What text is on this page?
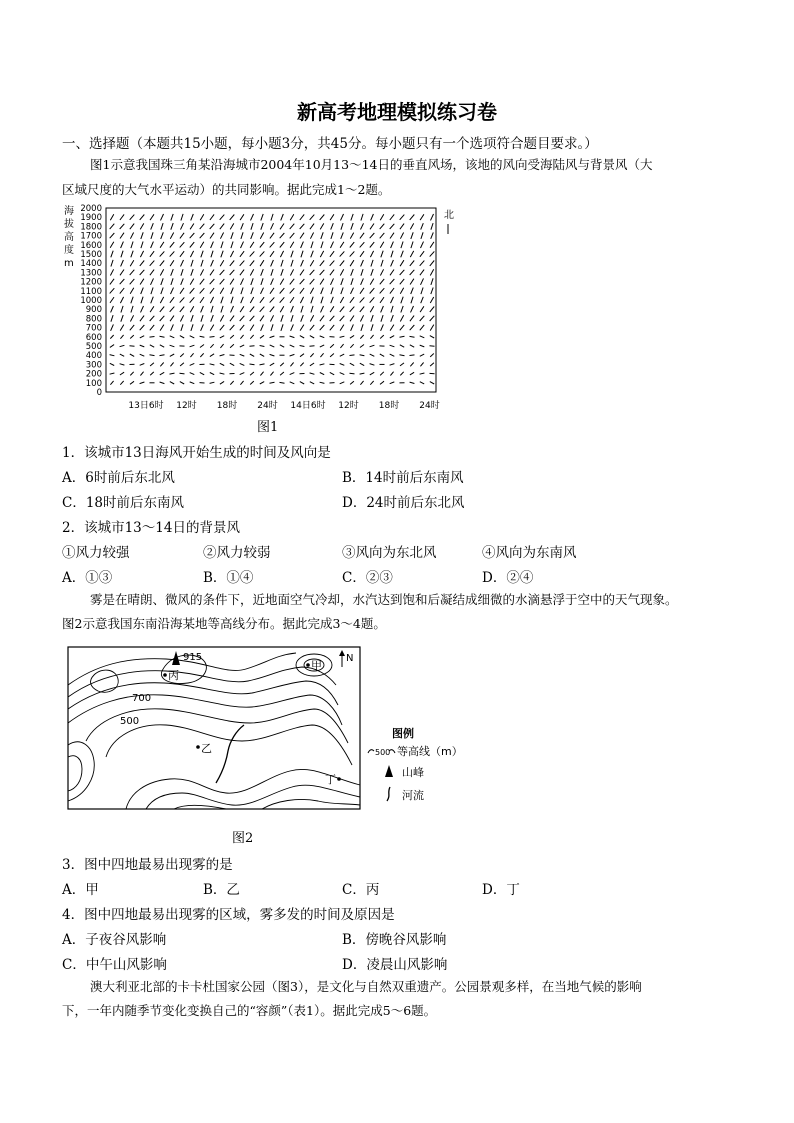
新高考地理模拟练习卷
一、选择题（本题共15小题，每小题3分，共45分。每小题只有一个选项符合题目要求。）
图1示意我国珠三角某沿海城市2004年10月13～14日的垂直风场，该地的风向受海陆风与背景风（大
区域尺度的大气水平运动）的共同影响。据此完成1～2题。
海
拔
高
度
m
2000
1900
1800
1700
1600
1500
1400
1300
1200
1100
1000
900
800
700
600
500
400
300
200
100
0
13日6时 12时 18时 24时 14日6时 12时 18时 24时
北
图1
1．该城市13日海风开始生成的时间及风向是
A．6时前后东北风	B．14时前后东南风
C．18时前后东南风	D．24时前后东北风
2．该城市13～14日的背景风
①风力较强	②风力较弱	③风向为东北风	④风向为东南风
A．①③	B．①④	C．②③	D．②④
雾是在晴朗、微风的条件下，近地面空气冷却，水汽达到饱和后凝结成细微的水滴悬浮于空中的天气现象。
图2示意我国东南沿海某地等高线分布。据此完成3～4题。
915
700
500
甲
丙
乙
丁
N
图例
500 等高线（m）
山峰
河流
图2
3．图中四地最易出现雾的是
A．甲	B．乙	C．丙	D．丁
4．图中四地最易出现雾的区域，雾多发的时间及原因是
A．子夜谷风影响	B．傍晚谷风影响
C．中午山风影响	D．凌晨山风影响
澳大利亚北部的卡卡杜国家公园（图3），是文化与自然双重遗产。公园景观多样，在当地气候的影响
下，一年内随季节变化变换自己的“容颜”（表1）。据此完成5～6题。
